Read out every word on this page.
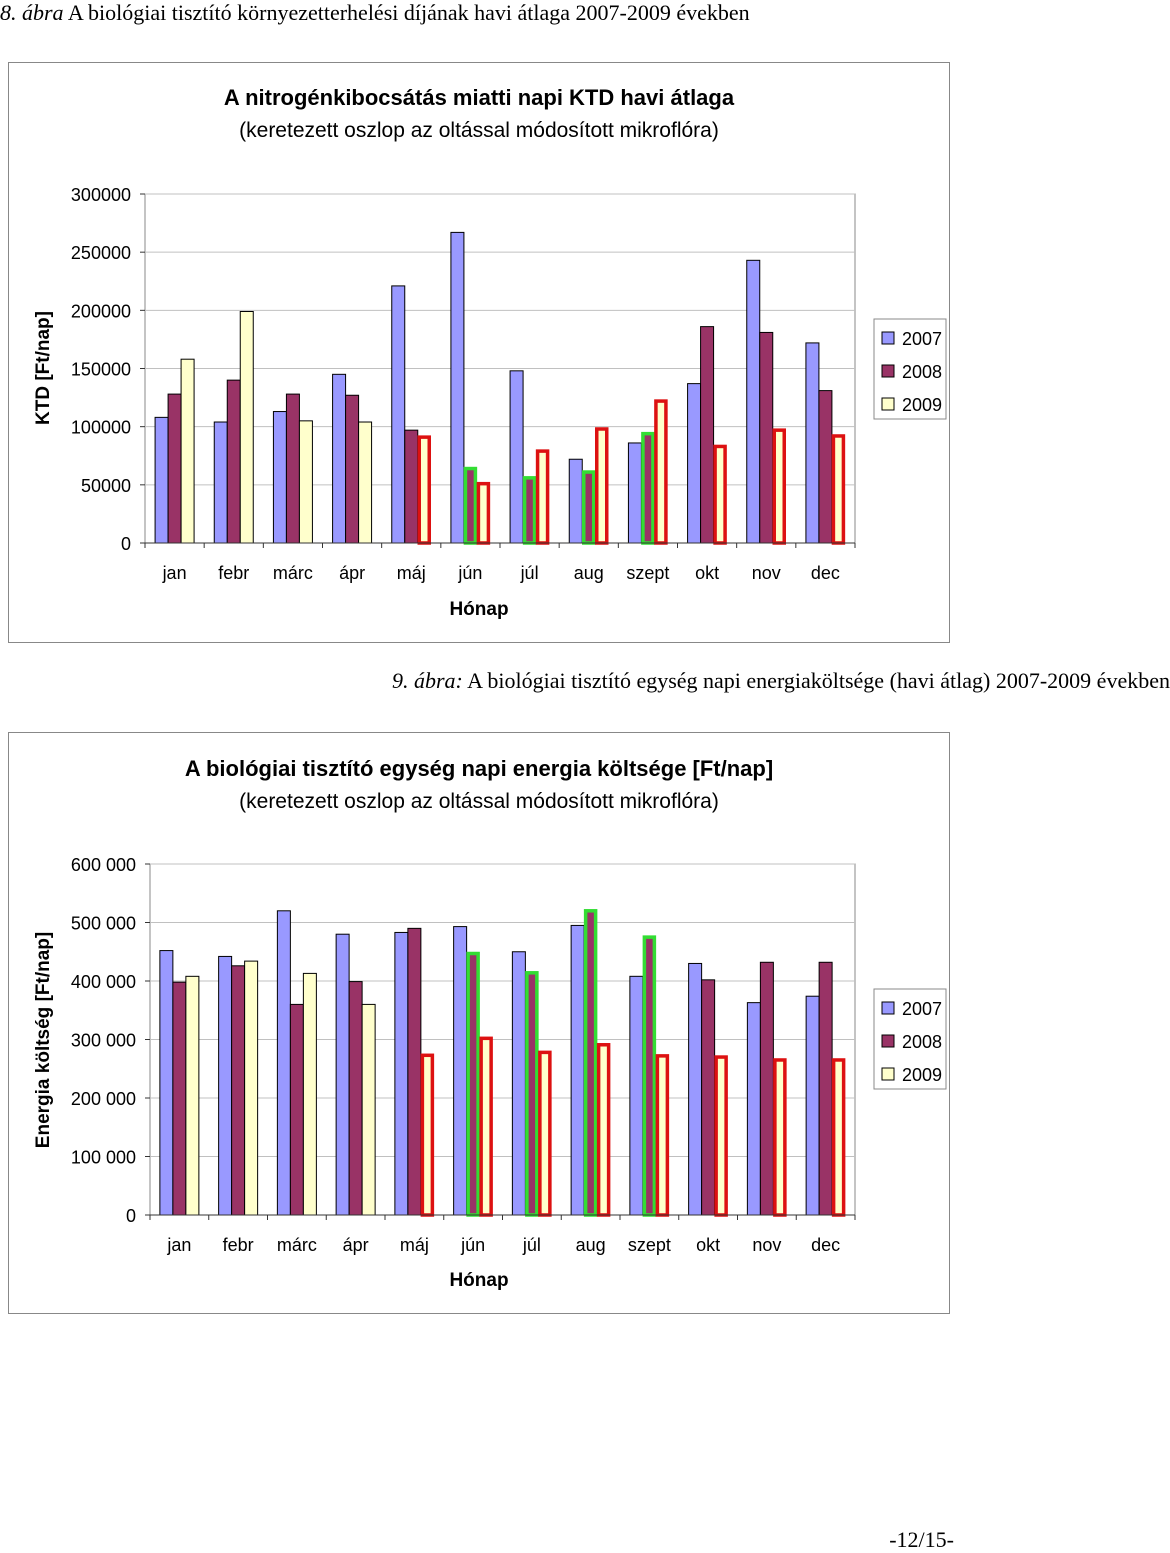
8. ábra A biológiai tisztító környezetterhelési díjának havi átlaga 2007-2009 években
A nitrogénkibocsátás miatti napi KTD havi átlaga
(keretezett oszlop az oltással módosított mikroflóra)
0
50000
100000
150000
200000
250000
300000
jan febr márc ápr máj jún júl aug szept okt nov dec
Hónap
KTD [Ft/nap]	2007
2008
2009
9. ábra: A biológiai tisztító egység napi energiaköltsége (havi átlag) 2007-2009 években
A biológiai tisztító egység napi energia költsége [Ft/nap]
(keretezett oszlop az oltással módosított mikroflóra)
0
100 000
200 000
300 000
400 000
500 000
600 000
jan febr márc ápr máj jún júl aug szept okt nov dec
Hónap
Energia költség [Ft/nap]	2007
2008
2009
-12/15-
